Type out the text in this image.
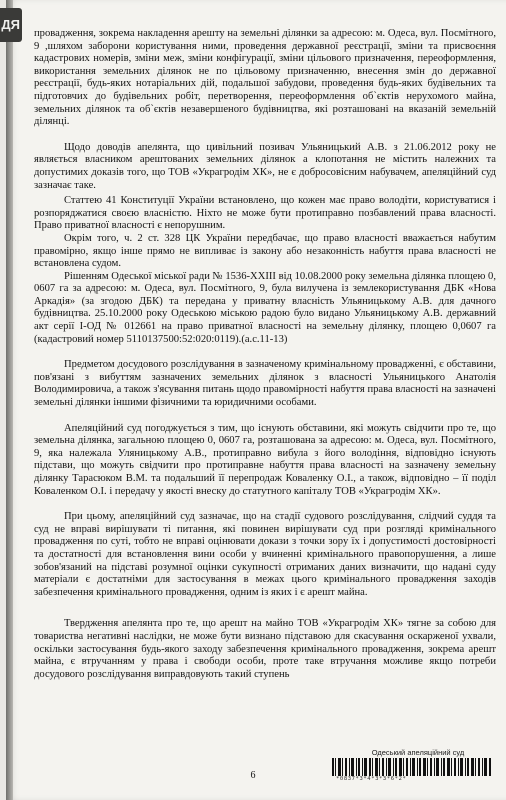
провадження, зокрема накладення арешту на земельні ділянки за адресою: м. Одеса, вул. Посмітного, 9 ,шляхом заборони користування ними, проведення державної реєстрації, зміни та присвоєння кадастрових номерів, зміни меж, зміни конфігурації, зміни цільового призначення, переоформлення, використання земельних ділянок не по цільовому призначенню, внесення змін до державної реєстрації, будь-яких нотаріальних дій, подальшої забудови, проведення будь-яких будівельних та підготовчих до будівельних робіт, перетворення, переоформлення об`єктів нерухомого майна, земельних ділянок та об`єктів незавершеного будівництва, які розташовані на вказаній земельній ділянці.

Щодо доводів апелянта, що цивільний позивач Ульяницький А.В. з 21.06.2012 року не являється власником арештованих земельних ділянок а клопотання не містить належних та допустимих доказів того, що ТОВ «Украгродім ХК», не є добросовісним набувачем, апеляційний суд зазначає таке.

Статтею 41 Конституції України встановлено, що кожен має право володіти, користуватися і розпоряджатися своєю власністю. Ніхто не може бути протиправно позбавлений права власності. Право приватної власності є непорушним.

Окрім того, ч. 2 ст. 328 ЦК України передбачає, що право власності вважається набутим правомірно, якщо інше прямо не випливає із закону або незаконність набуття права власності не встановлена судом.

Рішенням Одеської міської ради № 1536-ХХІІІ від 10.08.2000 року земельна ділянка площею 0, 0607 га за адресою: м. Одеса, вул. Посмітного, 9, була вилучена із землекористування ДБК «Нова Аркадія» (за згодою ДБК) та передана у приватну власність Ульяницькому А.В. для дачного будівництва. 25.10.2000 року Одеською міською радою було видано Ульяницькому А.В. державний акт серії І-ОД № 012661 на право приватної власності на земельну ділянку, площею 0,0607 га (кадастровий номер 5110137500:52:020:0119).(а.с.11-13)

Предметом досудового розслідування в зазначеному кримінальному провадженні, є обставини, пов'язані з вибуттям зазначених земельних ділянок з власності Ульяницького Анатолія Володимировича, а також з'ясування питань щодо правомірності набуття права власності на зазначені земельні ділянки іншими фізичними та юридичними особами.

Апеляційний суд погоджується з тим, що існують обставини, які можуть свідчити про те, що земельна ділянка, загальною площею 0, 0607 га, розташована за адресою: м. Одеса, вул. Посмітного, 9, яка належала Уляницькому А.В., протиправно вибула з його володіння, відповідно існують підстави, що можуть свідчити про протиправне набуття права власності на зазначену земельну ділянку Тарасюком В.М. та подальший її перепродаж Коваленку О.І., а також, відповідно – її поділ Коваленком О.І. і передачу у якості внеску до статутного капіталу ТОВ «Украгродім ХК».

При цьому, апеляційний суд зазначає, що на стадії судового розслідування, слідчий суддя та суд не вправі вирішувати ті питання, які повинен вирішувати суд при розгляді кримінального провадження по суті, тобто не вправі оцінювати докази з точки зору їх і допустимості достовірності та достатності для встановлення вини особи у вчиненні кримінального правопорушення, а лише зобов'язаний на підставі розумної оцінки сукупності отриманих даних визначити, що надані суду матеріали є достатніми для застосування в межах цього кримінального провадження заходів забезпечення кримінального провадження, одним із яких і є арешт майна.

Твердження апелянта про те, що арешт на майно ТОВ «Украгродім ХК» тягне за собою для товариства негативні наслідки, не може бути визнано підставою для скасування оскарженої ухвали, оскільки застосування будь-якого заходу забезпечення кримінального провадження, зокрема арешт майна, є втручанням у права і свободи особи, проте таке втручання можливе якщо потреби досудового розслідування виправдовують такий ступень

ДЯ
6
Одеський апеляційний суд
*0837*3*4*3*3*6*2*
